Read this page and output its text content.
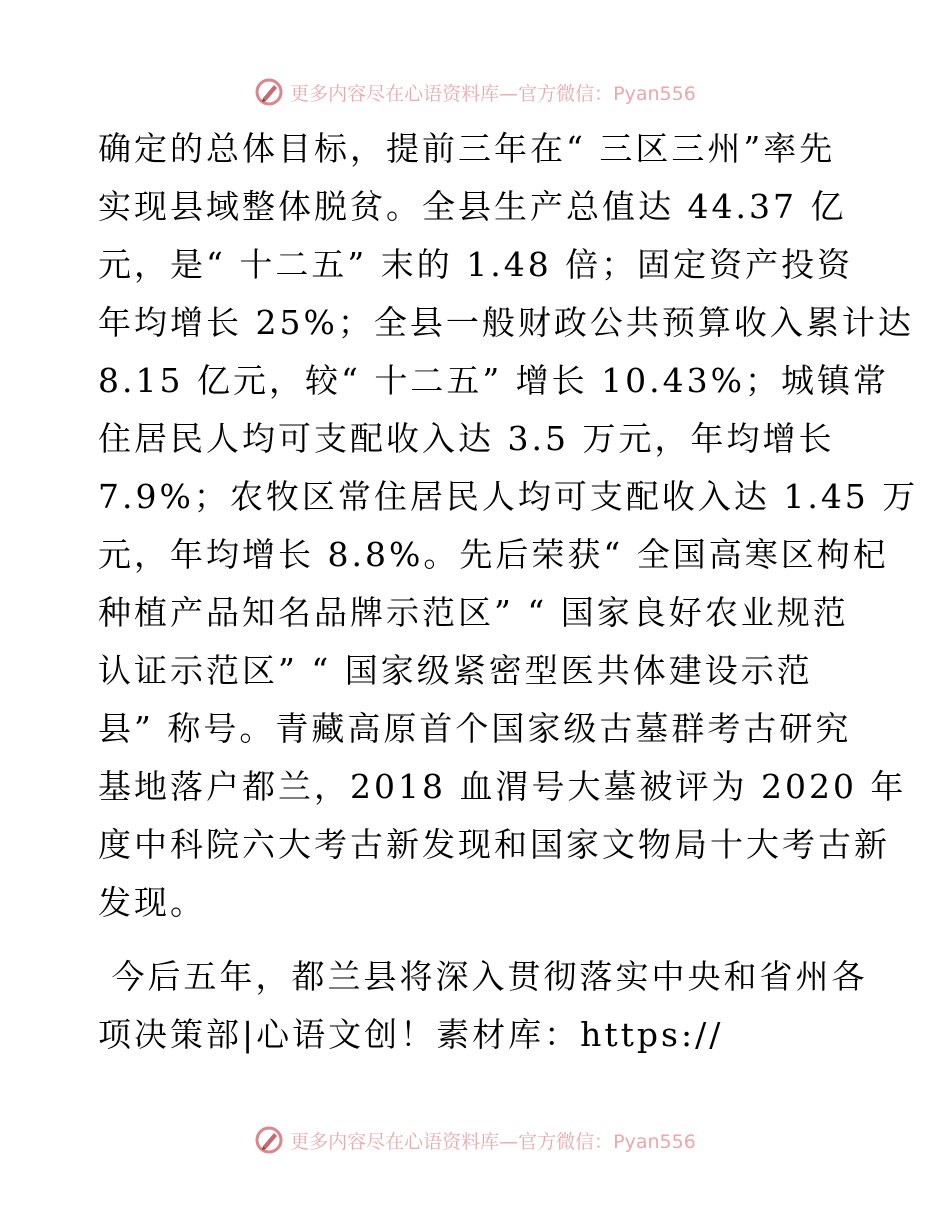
更多内容尽在心语资料库—官方微信：Pyan556
确定的总体目标，提前三年在“ 三区三州”率先
实现县域整体脱贫。全县生产总值达 44.37 亿
元，是“ 十二五” 末的 1.48 倍；固定资产投资
年均增长 25%；全县一般财政公共预算收入累计达
8.15 亿元，较“ 十二五” 增长 10.43%；城镇常
住居民人均可支配收入达 3.5 万元，年均增长
7.9%；农牧区常住居民人均可支配收入达 1.45 万
元，年均增长 8.8%。先后荣获“ 全国高寒区枸杞
种植产品知名品牌示范区” “ 国家良好农业规范
认证示范区” “ 国家级紧密型医共体建设示范
县” 称号。青藏高原首个国家级古墓群考古研究
基地落户都兰，2018 血渭号大墓被评为 2020 年
度中科院六大考古新发现和国家文物局十大考古新
发现。
今后五年，都兰县将深入贯彻落实中央和省州各
项决策部|心语文创！素材库：https://
更多内容尽在心语资料库—官方微信：Pyan556
